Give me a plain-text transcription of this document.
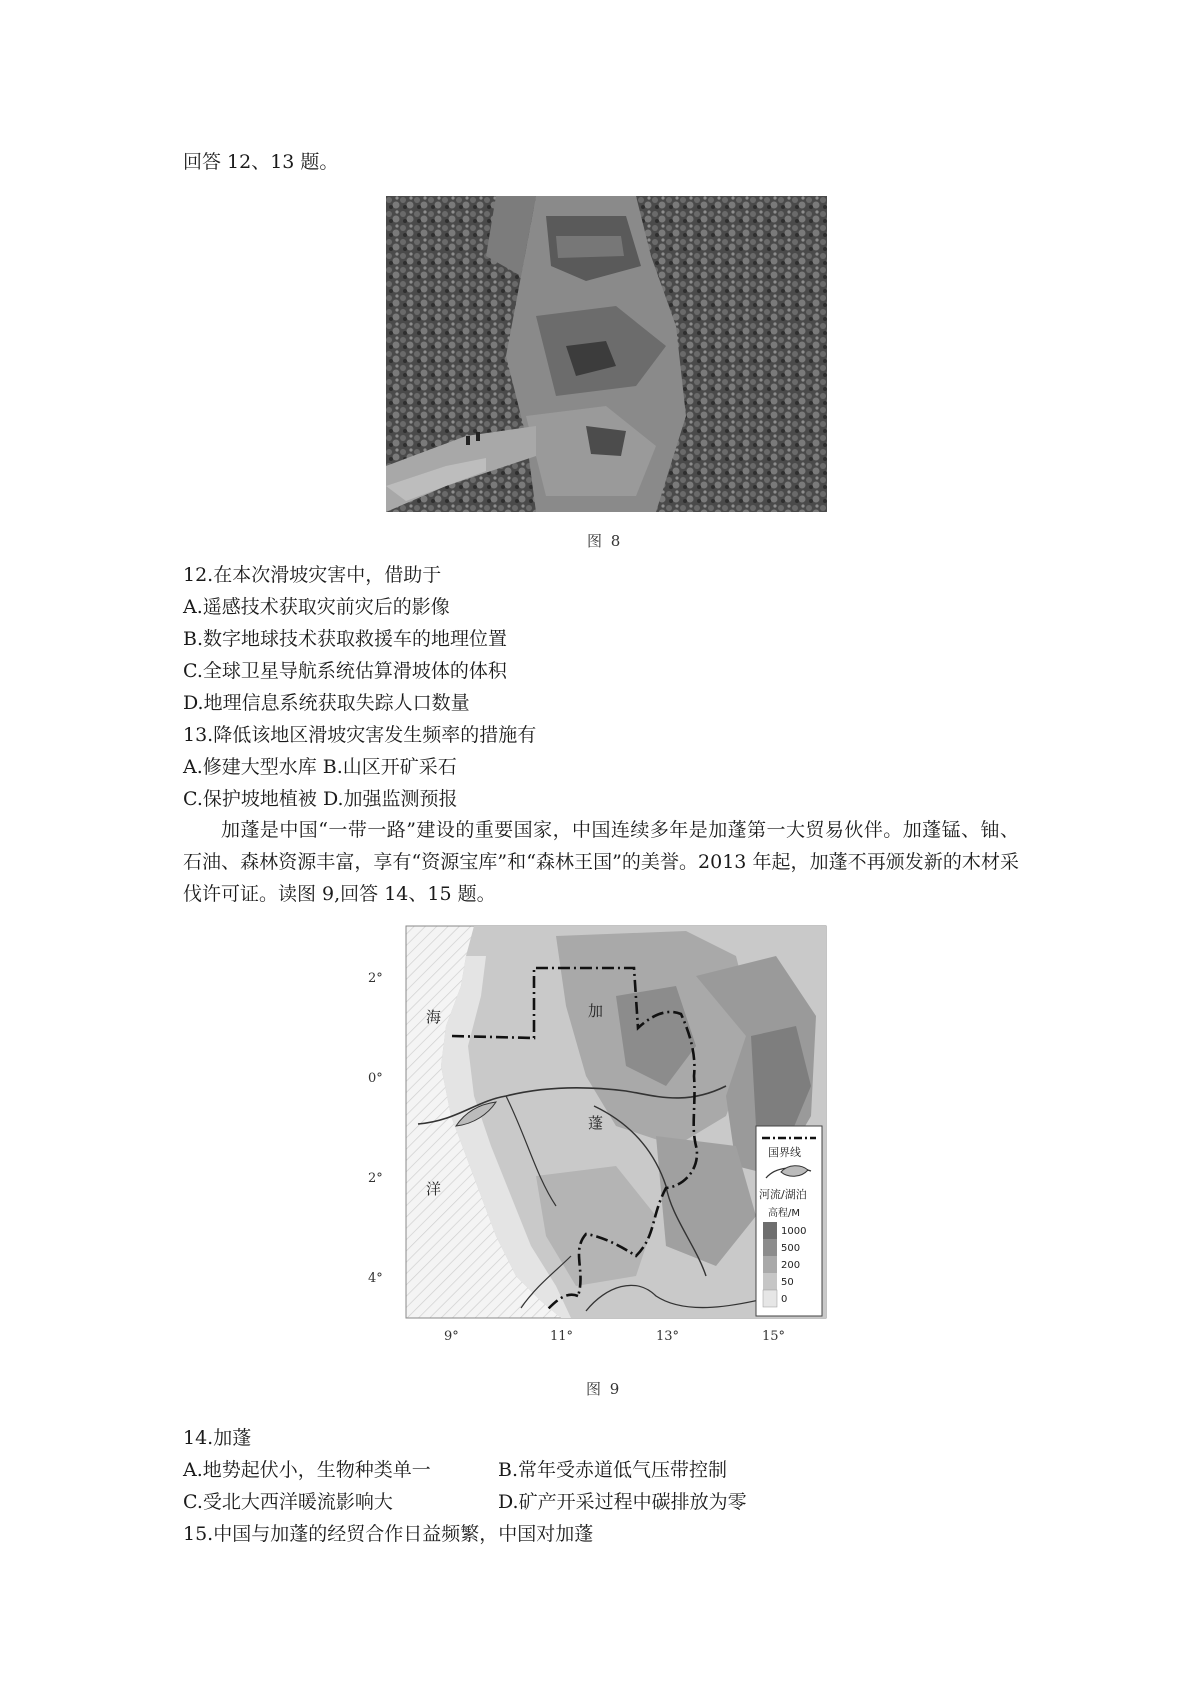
回答 12、13 题。
图 8
12.在本次滑坡灾害中，借助于
A.遥感技术获取灾前灾后的影像
B.数字地球技术获取救援车的地理位置
C.全球卫星导航系统估算滑坡体的体积
D.地理信息系统获取失踪人口数量
13.降低该地区滑坡灾害发生频率的措施有
A.修建大型水库 B.山区开矿采石
C.保护坡地植被 D.加强监测预报
加蓬是中国“一带一路”建设的重要国家，中国连续多年是加蓬第一大贸易伙伴。加蓬锰、铀、石油、森林资源丰富，享有“资源宝库”和“森林王国”的美誉。2013 年起，加蓬不再颁发新的木材采伐许可证。读图 9,回答 14、15 题。
2°
0°
2°
4°
9°	11°	13°	15°
海
洋
加
蓬
国界线
河流/湖泊
高程/M
1000
500
200
50
0
图 9
14.加蓬
A.地势起伏小，生物种类单一	B.常年受赤道低气压带控制
C.受北大西洋暖流影响大	D.矿产开采过程中碳排放为零
15.中国与加蓬的经贸合作日益频繁，中国对加蓬
